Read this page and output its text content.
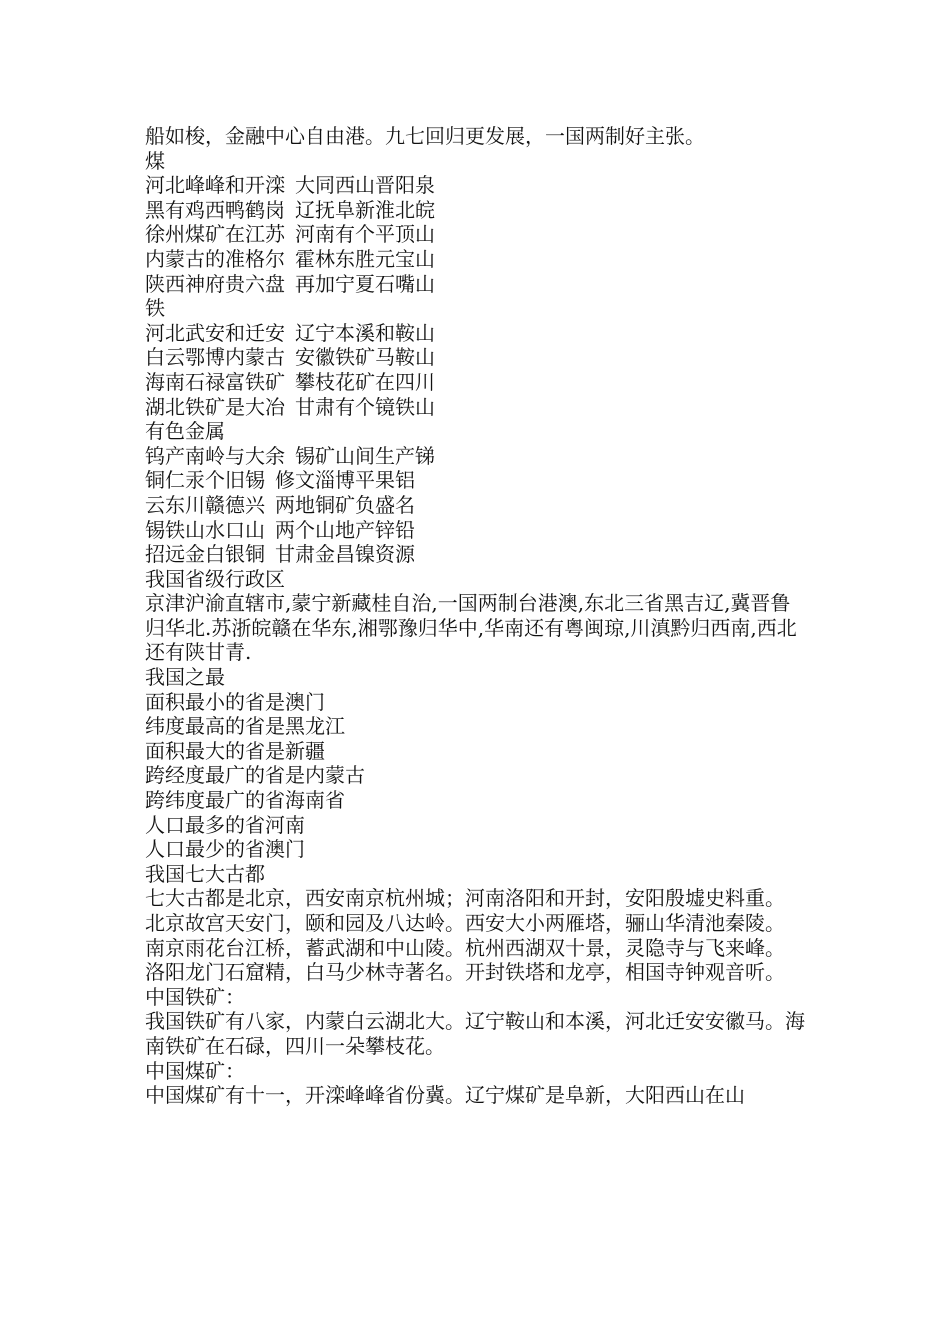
船如梭，金融中心自由港。九七回归更发展，一国两制好主张。
煤
河北峰峰和开滦 大同西山晋阳泉
黑有鸡西鸭鹤岗 辽抚阜新淮北皖
徐州煤矿在江苏 河南有个平顶山
内蒙古的准格尔 霍林东胜元宝山
陕西神府贵六盘 再加宁夏石嘴山
铁
河北武安和迁安 辽宁本溪和鞍山
白云鄂博内蒙古 安徽铁矿马鞍山
海南石禄富铁矿 攀枝花矿在四川
湖北铁矿是大冶 甘肃有个镜铁山
有色金属
钨产南岭与大余 锡矿山间生产锑
铜仁汞个旧锡 修文淄博平果铝
云东川赣德兴 两地铜矿负盛名
锡铁山水口山 两个山地产锌铅
招远金白银铜 甘肃金昌镍资源
我国省级行政区
京津沪渝直辖市,蒙宁新藏桂自治,一国两制台港澳,东北三省黑吉辽,冀晋鲁归华北.苏浙皖赣在华东,湘鄂豫归华中,华南还有粤闽琼,川滇黔归西南,西北还有陕甘青.
我国之最
面积最小的省是澳门
纬度最高的省是黑龙江
面积最大的省是新疆
跨经度最广的省是内蒙古
跨纬度最广的省海南省
人口最多的省河南
人口最少的省澳门
我国七大古都
七大古都是北京，西安南京杭州城；河南洛阳和开封，安阳殷墟史料重。
北京故宫天安门，颐和园及八达岭。西安大小两雁塔，骊山华清池秦陵。
南京雨花台江桥，蓄武湖和中山陵。杭州西湖双十景，灵隐寺与飞来峰。
洛阳龙门石窟精，白马少林寺著名。开封铁塔和龙亭，相国寺钟观音听。
中国铁矿：
我国铁矿有八家，内蒙白云湖北大。辽宁鞍山和本溪，河北迁安安徽马。海南铁矿在石碌，四川一朵攀枝花。
中国煤矿：
中国煤矿有十一，开滦峰峰省份冀。辽宁煤矿是阜新，大阳西山在山
